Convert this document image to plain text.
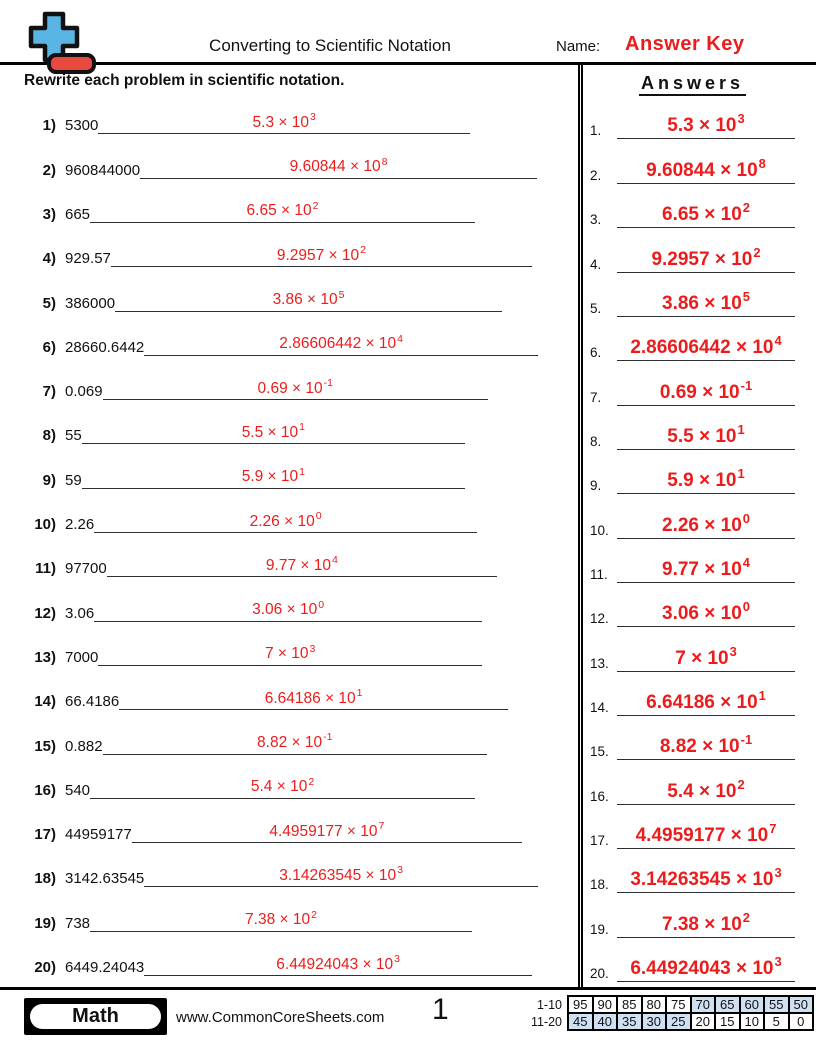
Converting to Scientific Notation	Name: Answer Key
Rewrite each problem in scientific notation.
1) 5300	$5.3 \times 10^3$
2) 960844000	$9.60844 \times 10^8$
3) 665	$6.65 \times 10^2$
4) 929.57	$9.2957 \times 10^2$
5) 386000	$3.86 \times 10^5$
6) 28660.6442	$2.86606442 \times 10^4$
7) 0.069	$0.69 \times 10^{-1}$
8) 55	$5.5 \times 10^1$
9) 59	$5.9 \times 10^1$
10) 2.26	$2.26 \times 10^0$
11) 97700	$9.77 \times 10^4$
12) 3.06	$3.06 \times 10^0$
13) 7000	$7 \times 10^3$
14) 66.4186	$6.64186 \times 10^1$
15) 0.882	$8.82 \times 10^{-1}$
16) 540	$5.4 \times 10^2$
17) 44959177	$4.4959177 \times 10^7$
18) 3142.63545	$3.14263545 \times 10^3$
19) 738	$7.38 \times 10^2$
20) 6449.24043	$6.44924043 \times 10^3$
Answers
1.	$5.3 \times 10^3$
2.	$9.60844 \times 10^8$
3.	$6.65 \times 10^2$
4.	$9.2957 \times 10^2$
5.	$3.86 \times 10^5$
6.	$2.86606442 \times 10^4$
7.	$0.69 \times 10^{-1}$
8.	$5.5 \times 10^1$
9.	$5.9 \times 10^1$
10.	$2.26 \times 10^0$
11.	$9.77 \times 10^4$
12.	$3.06 \times 10^0$
13.	$7 \times 10^3$
14.	$6.64186 \times 10^1$
15.	$8.82 \times 10^{-1}$
16.	$5.4 \times 10^2$
17.	$4.4959177 \times 10^7$
18.	$3.14263545 \times 10^3$
19.	$7.38 \times 10^2$
20.	$6.44924043 \times 10^3$
Math	www.CommonCoreSheets.com 1	1-10	95	90	85	80	75	70	65	60	55	50
11-20	45	40	35	30	25	20	15	10	5	0
